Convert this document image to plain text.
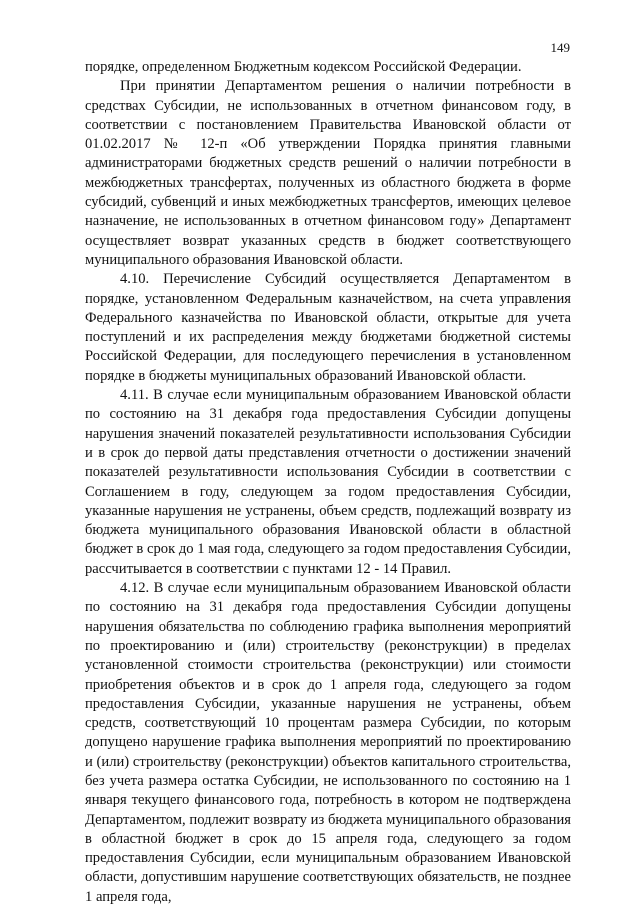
149

порядке, определенном Бюджетным кодексом Российской Федерации.

При принятии Департаментом решения о наличии потребности в средствах Субсидии, не использованных в отчетном финансовом году, в соответствии с постановлением Правительства Ивановской области от 01.02.2017 № 12-п «Об утверждении Порядка принятия главными администраторами бюджетных средств решений о наличии потребности в межбюджетных трансфертах, полученных из областного бюджета в форме субсидий, субвенций и иных межбюджетных трансфертов, имеющих целевое назначение, не использованных в отчетном финансовом году» Департамент осуществляет возврат указанных средств в бюджет соответствующего муниципального образования Ивановской области.

4.10. Перечисление Субсидий осуществляется Департаментом в порядке, установленном Федеральным казначейством, на счета управления Федерального казначейства по Ивановской области, открытые для учета поступлений и их распределения между бюджетами бюджетной системы Российской Федерации, для последующего перечисления в установленном порядке в бюджеты муниципальных образований Ивановской области.

4.11. В случае если муниципальным образованием Ивановской области по состоянию на 31 декабря года предоставления Субсидии допущены нарушения значений показателей результативности использования Субсидии и в срок до первой даты представления отчетности о достижении значений показателей результативности использования Субсидии в соответствии с Соглашением в году, следующем за годом предоставления Субсидии, указанные нарушения не устранены, объем средств, подлежащий возврату из бюджета муниципального образования Ивановской области в областной бюджет в срок до 1 мая года, следующего за годом предоставления Субсидии, рассчитывается в соответствии с пунктами 12 - 14 Правил.

4.12. В случае если муниципальным образованием Ивановской области по состоянию на 31 декабря года предоставления Субсидии допущены нарушения обязательства по соблюдению графика выполнения мероприятий по проектированию и (или) строительству (реконструкции) в пределах установленной стоимости строительства (реконструкции) или стоимости приобретения объектов и в срок до 1 апреля года, следующего за годом предоставления Субсидии, указанные нарушения не устранены, объем средств, соответствующий 10 процентам размера Субсидии, по которым допущено нарушение графика выполнения мероприятий по проектированию и (или) строительству (реконструкции) объектов капитального строительства, без учета размера остатка Субсидии, не использованного по состоянию на 1 января текущего финансового года, потребность в котором не подтверждена Департаментом, подлежит возврату из бюджета муниципального образования в областной бюджет в срок до 15 апреля года, следующего за годом предоставления Субсидии, если муниципальным образованием Ивановской области, допустившим нарушение соответствующих обязательств, не позднее 1 апреля года,
